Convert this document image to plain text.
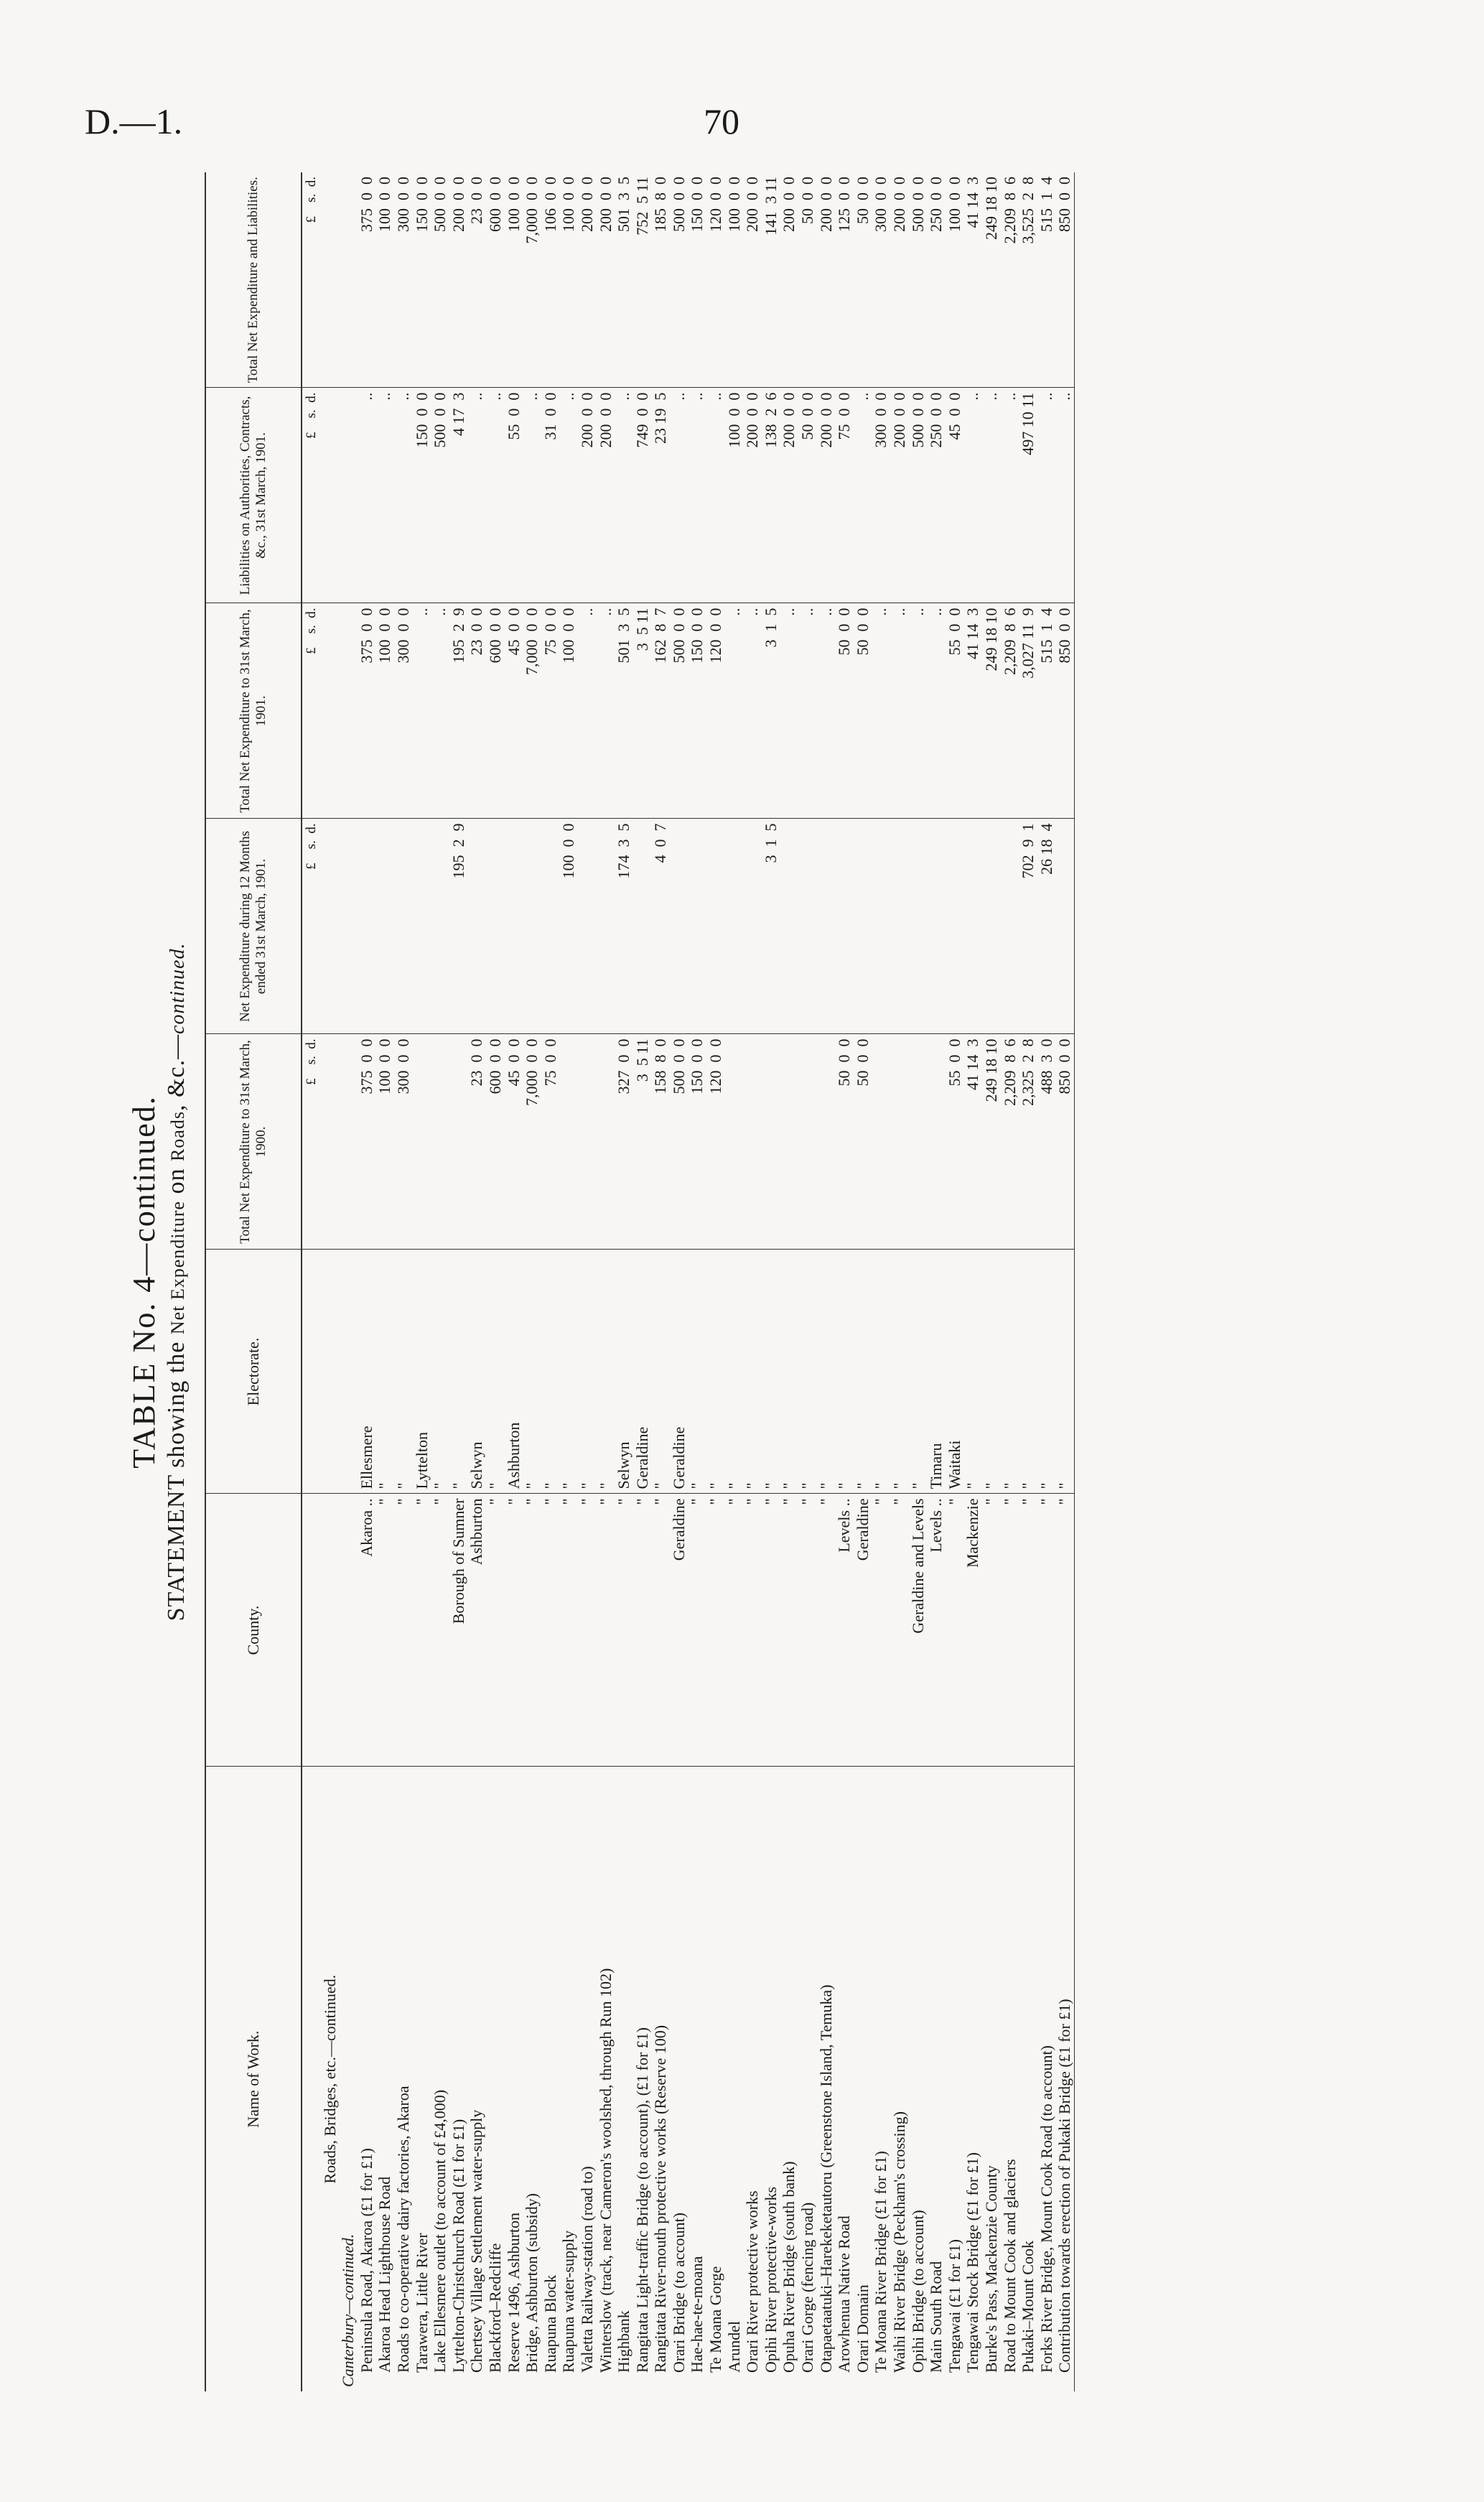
D.—1.	70
TABLE No. 4—continued.
STATEMENT showing the Net Expenditure on Roads, &c.—continued.
Name of Work.	County.	Electorate.	Total Net Expenditure to 31st March, 1900.	Net Expenditure during 12 Months ended 31st March, 1901.	Total Net Expenditure to 31st March, 1901.	Liabilities on Authorities, Contracts, &c., 31st March, 1901.	Total Net Expenditure and Liabilities.
			£    s.  d.	£    s.  d.	£    s.  d.	£    s.  d.	£    s.  d.
Roads, Bridges, etc.—continued.							
Canterbury—continued.							
Peninsula Road, Akaroa (£1 for £1)	Akaroa ..	Ellesmere	375  0  0		375  0  0	..	375  0  0
Akaroa Head Lighthouse Road	"	"	100  0  0		100  0  0	..	100  0  0
Roads to co-operative dairy factories, Akaroa	"	"	300  0  0		300  0  0	..	300  0  0
Tarawera, Little River	"	Lyttelton			..	150  0  0	150  0  0
Lake Ellesmere outlet (to account of £4,000)	"	"			..	500  0  0	500  0  0
Lyttelton-Christchurch Road (£1 for £1)	Borough of Sumner	"		195  2  9	195  2  9	4 17  3	200  0  0
Chertsey Village Settlement water-supply	Ashburton	Selwyn	23  0  0		23  0  0	..	23  0  0
Blackford–Redcliffe	"	"	600  0  0		600  0  0	..	600  0  0
Reserve 1496, Ashburton	"	Ashburton	45  0  0		45  0  0	55  0  0	100  0  0
Bridge, Ashburton (subsidy)	"	"	7,000  0  0		7,000  0  0	..	7,000  0  0
Ruapuna Block	"	"	75  0  0		75  0  0	31  0  0	106  0  0
Ruapuna water-supply	"	"		100  0  0	100  0  0	..	100  0  0
Valetta Railway-station (road to)	"	"			..	200  0  0	200  0  0
Winterslow (track, near Cameron's woolshed, through Run 102)	"	"			..	200  0  0	200  0  0
Highbank	"	Selwyn	327  0  0	174  3  5	501  3  5	..	501  3  5
Rangitata Light-traffic Bridge (to account), (£1 for £1)	"	Geraldine	3  5 11		3  5 11	749  0  0	752  5 11
Rangitata River-mouth protective works (Reserve 100)	"	"	158  8  0	4  0  7	162  8  7	23 19  5	185  8  0
Orari Bridge (to account)	Geraldine	Geraldine	500  0  0		500  0  0	..	500  0  0
Hae-hae-te-moana	"	"	150  0  0		150  0  0	..	150  0  0
Te Moana Gorge	"	"	120  0  0		120  0  0	..	120  0  0
Arundel	"	"			..	100  0  0	100  0  0
Orari River protective works	"	"			..	200  0  0	200  0  0
Opihi River protective-works	"	"		3  1  5	3  1  5	138  2  6	141  3 11
Opuha River Bridge (south bank)	"	"			..	200  0  0	200  0  0
Orari Gorge (fencing road)	"	"			..	50  0  0	50  0  0
Otapaetaatuki–Harekeketautoru (Greenstone Island, Temuka)	"	"			..	200  0  0	200  0  0
Arowhenua Native Road	Levels ..	"	50  0  0		50  0  0	75  0  0	125  0  0
Orari Domain	Geraldine	"	50  0  0		50  0  0	..	50  0  0
Te Moana River Bridge (£1 for £1)	"	"			..	300  0  0	300  0  0
Waihi River Bridge (Peckham's crossing)	"	"			..	200  0  0	200  0  0
Opihi Bridge (to account)	Geraldine and Levels	"			..	500  0  0	500  0  0
Main South Road	Levels ..	Timaru			..	250  0  0	250  0  0
Tengawai (£1 for £1)	"	Waitaki	55  0  0		55  0  0	45  0  0	100  0  0
Tengawai Stock Bridge (£1 for £1)	Mackenzie	"	41 14  3		41 14  3	..	41 14  3
Burke's Pass, Mackenzie County	"	"	249 18 10		249 18 10	..	249 18 10
Road to Mount Cook and glaciers	"	"	2,209  8  6		2,209  8  6	..	2,209  8  6
Pukaki–Mount Cook	"	"	2,325  2  8	702  9  1	3,027 11  9	497 10 11	3,525  2  8
Forks River Bridge, Mount Cook Road (to account)	"	"	488  3  0	26 18  4	515  1  4	..	515  1  4
Contribution towards erection of Pukaki Bridge (£1 for £1)	"	"	850  0  0		850  0  0	..	850  0  0
